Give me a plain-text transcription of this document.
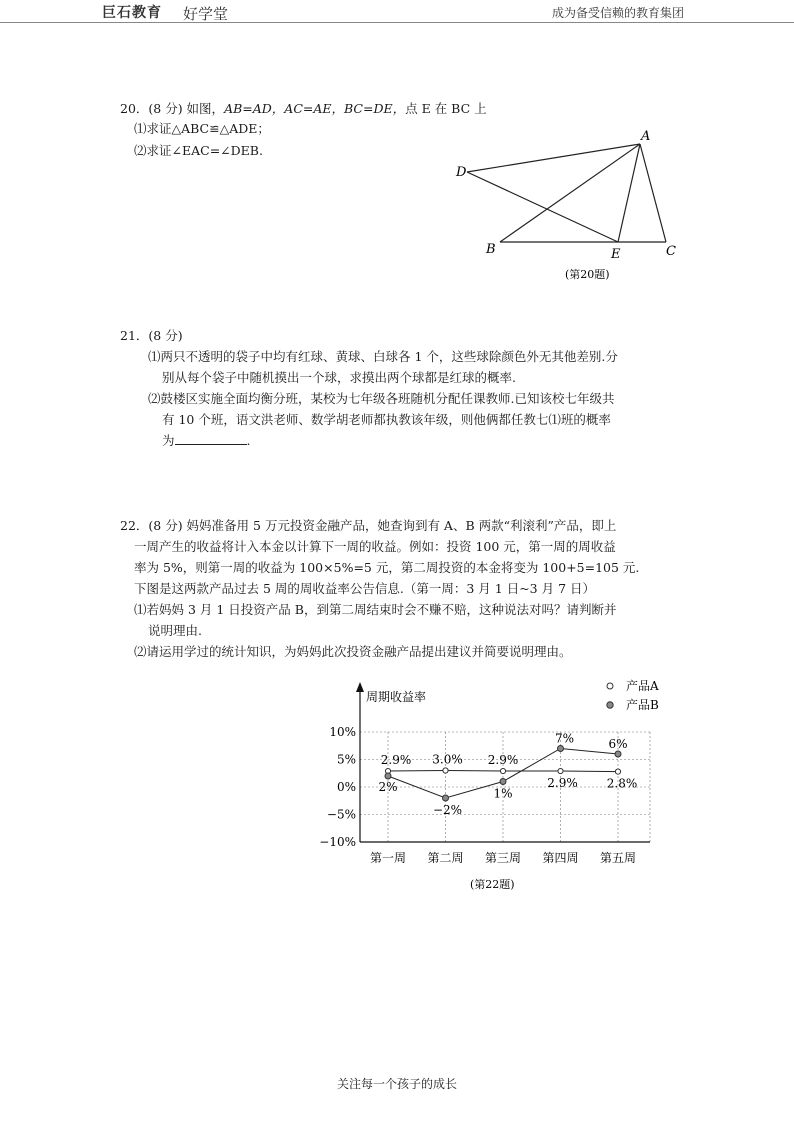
巨石教育 好学堂	成为备受信赖的教育集团
20．(8 分) 如图，AB=AD，AC=AE，BC=DE，点 E 在 BC 上
⑴求证△ABC≌△ADE；
⑵求证∠EAC=∠DEB.
A
B	C
D
E
(第20题)
21．(8 分)
⑴两只不透明的袋子中均有红球、黄球、白球各 1 个，这些球除颜色外无其他差别.分
别从每个袋子中随机摸出一个球，求摸出两个球都是红球的概率.
⑵鼓楼区实施全面均衡分班，某校为七年级各班随机分配任课教师.已知该校七年级共
有 10 个班，语文洪老师、数学胡老师都执教该年级，则他俩都任教七⑴班的概率
为	.
22．(8 分) 妈妈准备用 5 万元投资金融产品，她查询到有 A、B 两款“利滚利”产品，即上
一周产生的收益将计入本金以计算下一周的收益。例如：投资 100 元，第一周的周收益
率为 5%，则第一周的收益为 100×5%=5 元，第二周投资的本金将变为 100+5=105 元.
下图是这两款产品过去 5 周的周收益率公告信息.（第一周：3 月 1 日~3 月 7 日）
⑴若妈妈 3 月 1 日投资产品 B，到第二周结束时会不赚不赔，这种说法对吗？请判断并
说明理由.
⑵请运用学过的统计知识，为妈妈此次投资金融产品提出建议并简要说明理由。
10%
5%
0%
−5%
−10%
第一周 第二周 第三周 第四周 第五周
2.9% 3.0% 2.9%
2.9% 2.8%
2%
−2%
1%
7%	6%
周期收益率
产品A
产品B
(第22题)
关注每一个孩子的成长
